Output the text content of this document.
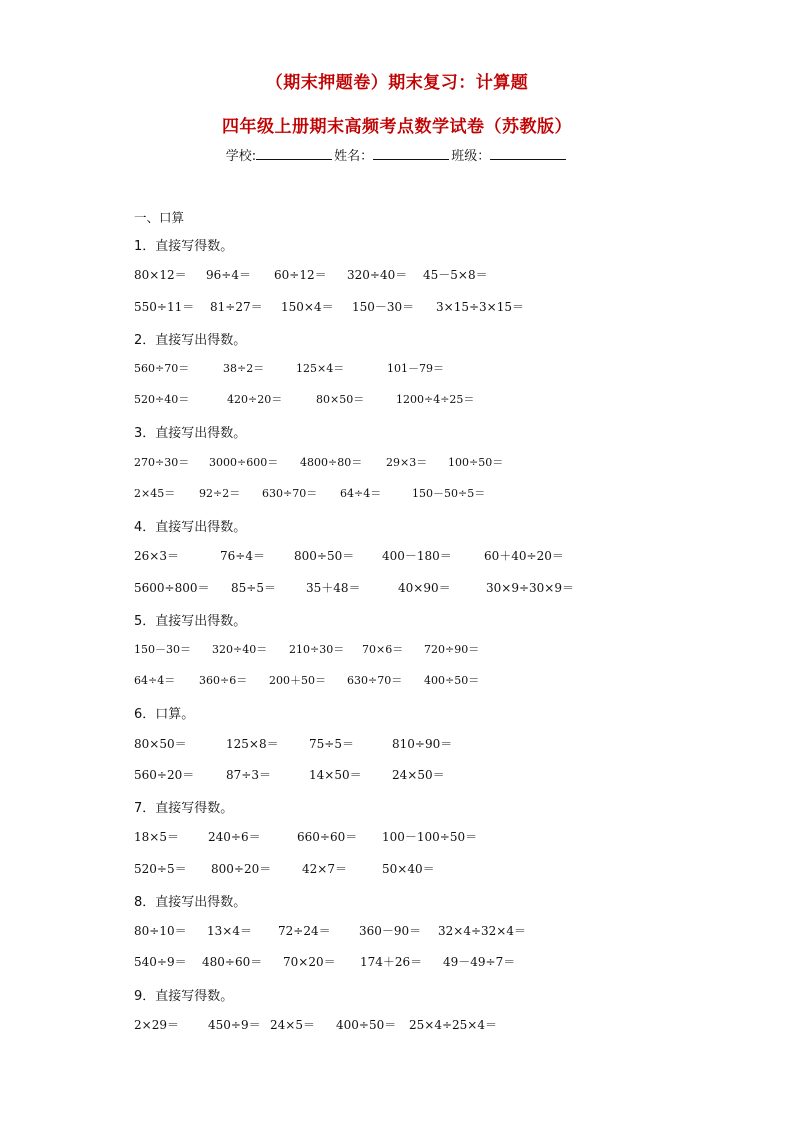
（期末押题卷）期末复习：计算题
四年级上册期末高频考点数学试卷（苏教版）
学校:	姓名：	班级：
一、口算
1．直接写得数。
80×12＝ 96÷4＝ 60÷12＝ 320÷40＝ 45－5×8＝
550÷11＝ 81÷27＝ 150×4＝ 150－30＝ 3×15÷3×15＝
2．直接写出得数。
560÷70＝	38÷2＝	125×4＝	101－79＝
520÷40＝	420÷20＝	80×50＝	1200÷4÷25＝
3．直接写出得数。
270÷30＝ 3000÷600＝ 4800÷80＝ 29×3＝ 100÷50＝
2×45＝ 92÷2＝ 630÷70＝ 64÷4＝	150－50÷5＝
4．直接写出得数。
26×3＝	76÷4＝ 800÷50＝ 400－180＝	60＋40÷20＝
5600÷800＝ 85÷5＝	35＋48＝	40×90＝	30×9÷30×9＝
5．直接写出得数。
150－30＝ 320÷40＝ 210÷30＝ 70×6＝ 720÷90＝
64÷4＝ 360÷6＝ 200＋50＝ 630÷70＝ 400÷50＝
6．口算。
80×50＝	125×8＝	75÷5＝	810÷90＝
560÷20＝	87÷3＝	14×50＝	24×50＝
7．直接写得数。
18×5＝ 240÷6＝	660÷60＝ 100－100÷50＝
520÷5＝ 800÷20＝	42×7＝	50×40＝
8．直接写出得数。
80÷10＝ 13×4＝ 72÷24＝ 360－90＝ 32×4÷32×4＝
540÷9＝ 480÷60＝ 70×20＝ 174＋26＝ 49－49÷7＝
9．直接写得数。
2×29＝ 450÷9＝ 24×5＝ 400÷50＝ 25×4÷25×4＝
